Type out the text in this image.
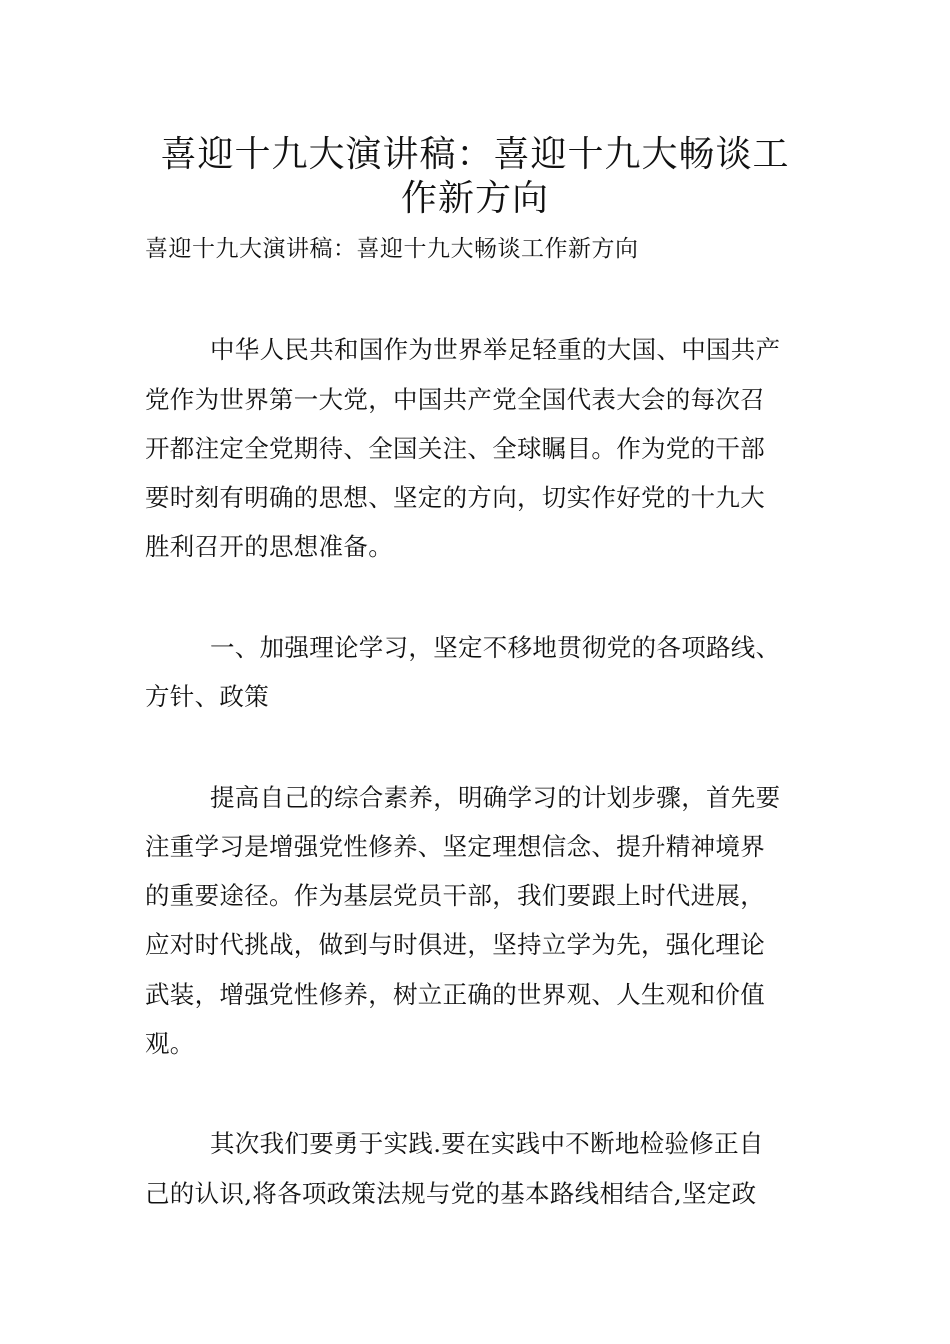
喜迎十九大演讲稿：喜迎十九大畅谈工
作新方向
喜迎十九大演讲稿：喜迎十九大畅谈工作新方向
中华人民共和国作为世界举足轻重的大国、中国共产
党作为世界第一大党，中国共产党全国代表大会的每次召
开都注定全党期待、全国关注、全球瞩目。作为党的干部
要时刻有明确的思想、坚定的方向，切实作好党的十九大
胜利召开的思想准备。
一、加强理论学习，坚定不移地贯彻党的各项路线、
方针、政策
提高自己的综合素养，明确学习的计划步骤，首先要
注重学习是增强党性修养、坚定理想信念、提升精神境界
的重要途径。作为基层党员干部，我们要跟上时代进展，
应对时代挑战，做到与时俱进，坚持立学为先，强化理论
武装，增强党性修养，树立正确的世界观、人生观和价值
观。
其次我们要勇于实践.要在实践中不断地检验修正自
己的认识,将各项政策法规与党的基本路线相结合,坚定政
